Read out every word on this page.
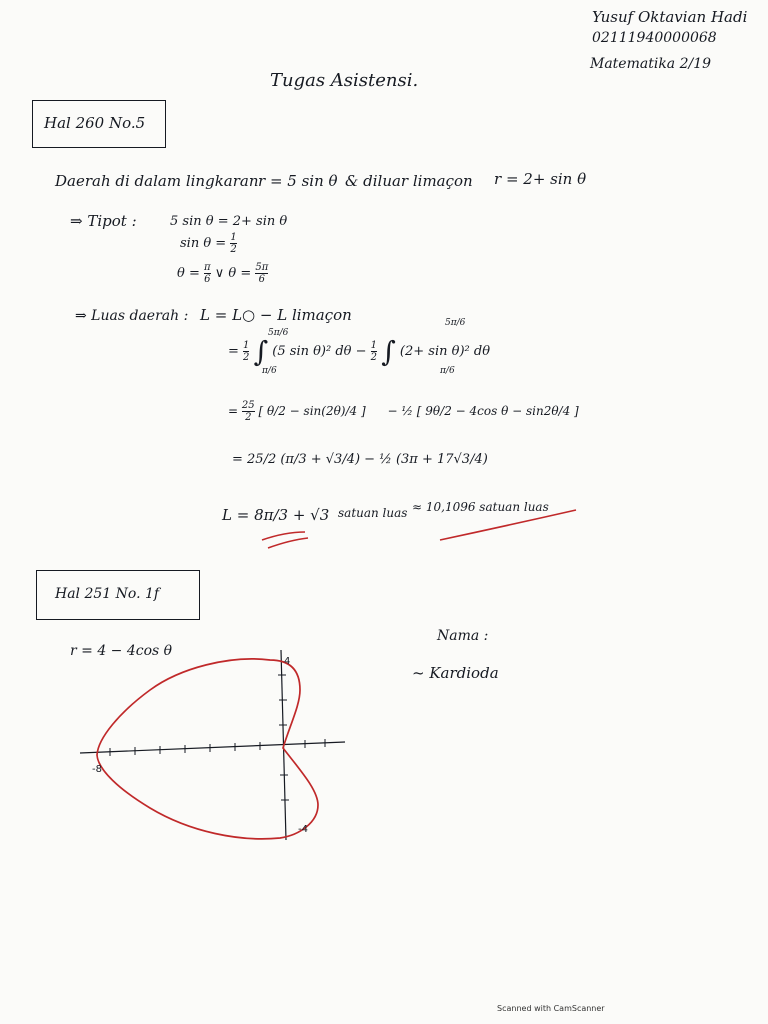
Yusuf Oktavian Hadi
02111940000068
Matematika 2/19
Tugas Asistensi.
Hal 260 No.5
Daerah di dalam lingkaran r = 5 sin θ & diluar limaçon r = 2+ sin θ
⇒ Tipot :	5 sin θ = 2+ sin θ
$\sin \theta = \frac{1}{2}$
$\theta = \frac{\pi}{6}$ ∨ $\theta = \frac{5\pi}{6}$
⇒ Luas daerah : L = L○ − L limaçon
= $\frac{1}{2}$ ∫ (5 sin θ)² $d\theta - \frac{1}{2}$ ∫ (2+ sin θ)² dθ
5π/6
π/6
5π/6
π/6
= $\frac{25}{2}$ [ θ/2 − sin(2θ)/4 ] − ½ [ 9θ/2 − 4cos θ − sin2θ/4 ]
= 25/2 (π/3 + √3/4) − ½ (3π + 17√3/4)
L = 8π/3 + √3 satuan luas ≈ 10,1096 satuan luas
Hal 251 No. 1f
r = 4 − 4cos θ
Nama :
~ Kardioda
-8
4
-4
Scanned with CamScanner
